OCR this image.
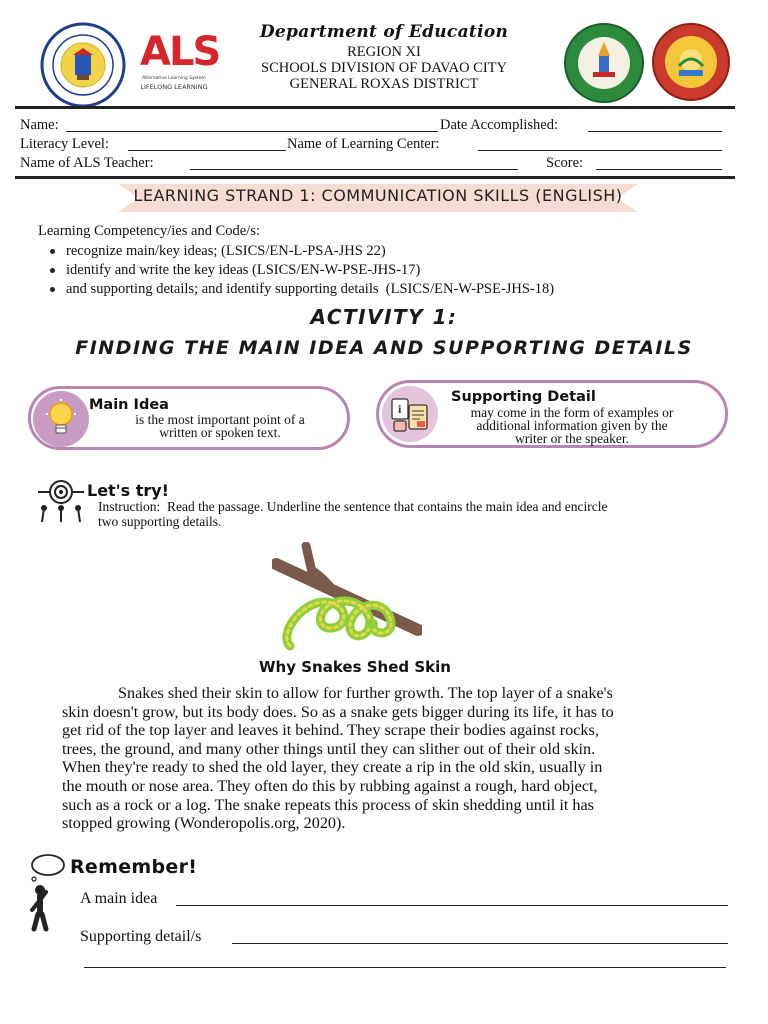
ALS
Alternative Learning System
LIFELONG LEARNING
Department of Education
REGION XI
SCHOOLS DIVISION OF DAVAO CITY
GENERAL ROXAS DISTRICT
Name:	Date Accomplished:
Literacy Level:	Name of Learning Center:
Name of ALS Teacher:	Score:
LEARNING STRAND 1: COMMUNICATION SKILLS (ENGLISH)
Learning Competency/ies and Code/s:
recognize main/key ideas; (LSICS/EN-L-PSA-JHS 22)
identify and write the key ideas (LSICS/EN-W-PSE-JHS-17)
and supporting details; and identify supporting details  (LSICS/EN-W-PSE-JHS-18)
ACTIVITY 1:
FINDING THE MAIN IDEA AND SUPPORTING DETAILS
Main Idea
is the most important point of a
written or spoken text.
i
Supporting Detail
may come in the form of examples or
additional information given by the
writer or the speaker.
Let's try!
Instruction:  Read the passage. Underline the sentence that contains the main idea and encircle
two supporting details.
Why Snakes Shed Skin
Snakes shed their skin to allow for further growth. The top layer of a snake's
skin doesn't grow, but its body does. So as a snake gets bigger during its life, it has to
get rid of the top layer and leaves it behind. They scrape their bodies against rocks,
trees, the ground, and many other things until they can slither out of their old skin.
When they're ready to shed the old layer, they create a rip in the old skin, usually in
the mouth or nose area. They often do this by rubbing against a rough, hard object,
such as a rock or a log. The snake repeats this process of skin shedding until it has
stopped growing (Wonderopolis.org, 2020).
Remember!
A main idea
Supporting detail/s
